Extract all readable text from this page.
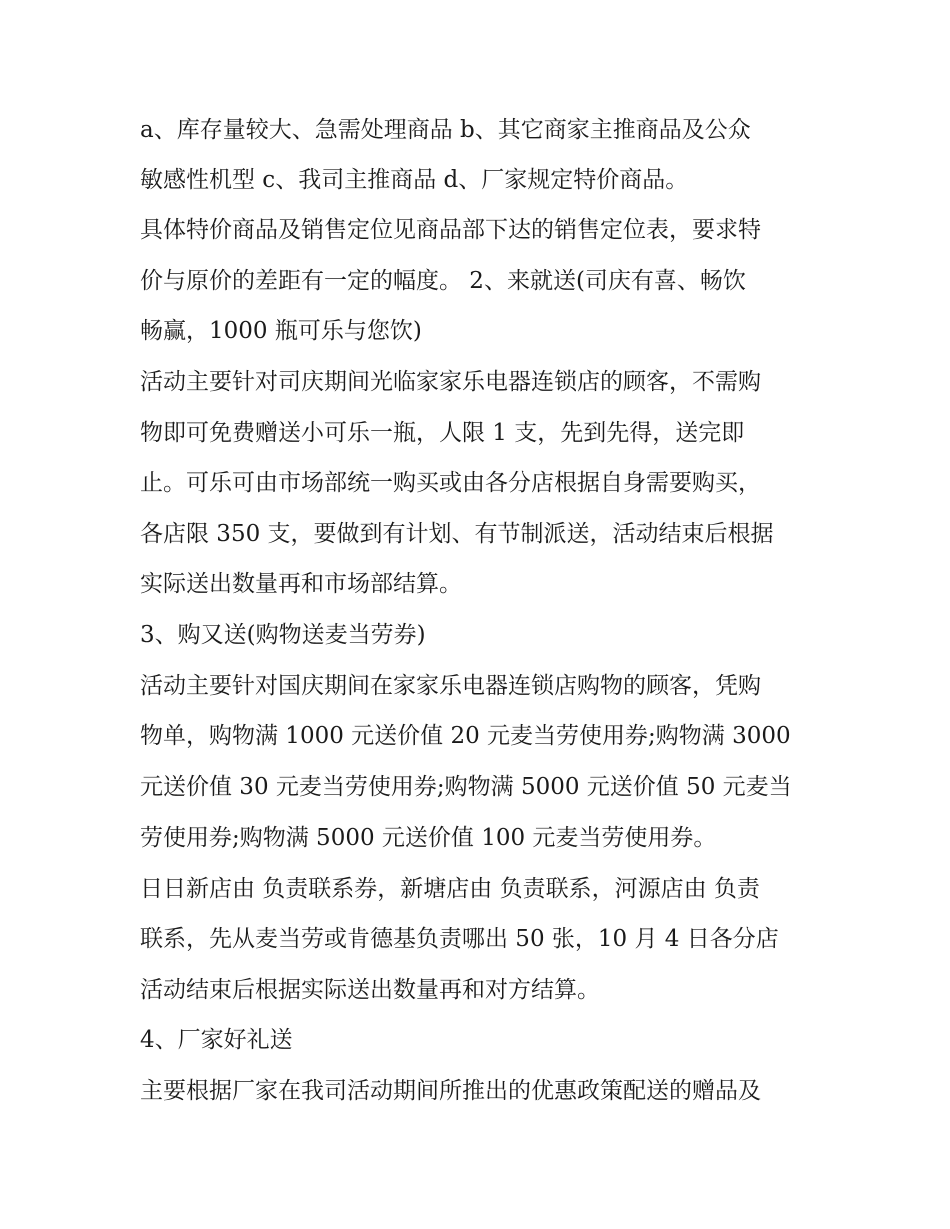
a、库存量较大、急需处理商品 b、其它商家主推商品及公众
敏感性机型 c、我司主推商品 d、厂家规定特价商品。
具体特价商品及销售定位见商品部下达的销售定位表，要求特
价与原价的差距有一定的幅度。 2、来就送(司庆有喜、畅饮
畅赢，1000 瓶可乐与您饮)
活动主要针对司庆期间光临家家乐电器连锁店的顾客，不需购
物即可免费赠送小可乐一瓶，人限 1 支，先到先得，送完即
止。可乐可由市场部统一购买或由各分店根据自身需要购买，
各店限 350 支，要做到有计划、有节制派送，活动结束后根据
实际送出数量再和市场部结算。
3、购又送(购物送麦当劳券)
活动主要针对国庆期间在家家乐电器连锁店购物的顾客，凭购
物单，购物满 1000 元送价值 20 元麦当劳使用券;购物满 3000
元送价值 30 元麦当劳使用券;购物满 5000 元送价值 50 元麦当
劳使用券;购物满 5000 元送价值 100 元麦当劳使用券。
日日新店由 负责联系券，新塘店由 负责联系，河源店由 负责
联系，先从麦当劳或肯德基负责哪出 50 张，10 月 4 日各分店
活动结束后根据实际送出数量再和对方结算。
4、厂家好礼送
主要根据厂家在我司活动期间所推出的优惠政策配送的赠品及
